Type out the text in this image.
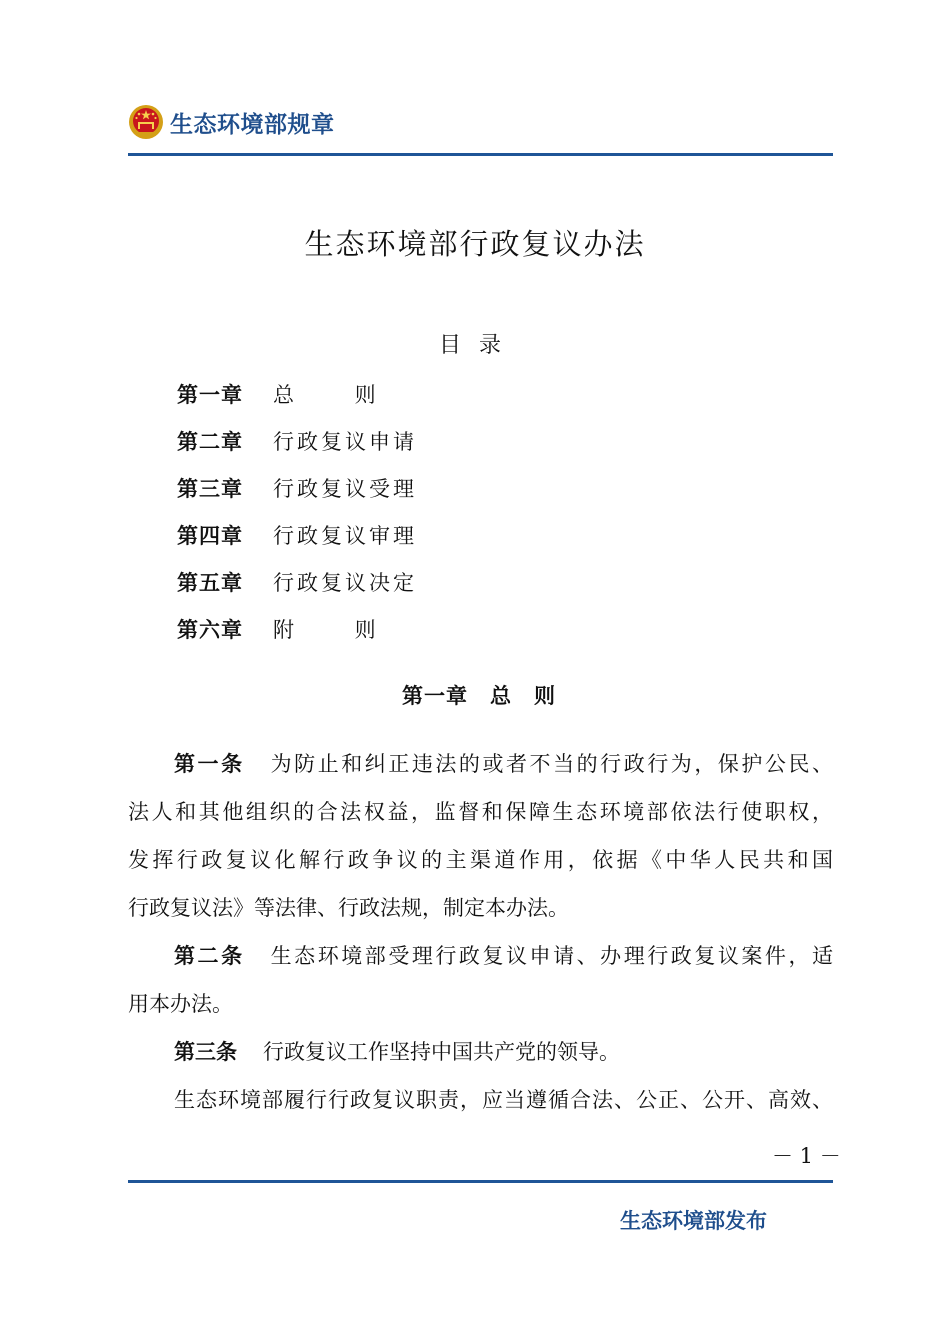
生态环境部规章
生态环境部行政复议办法
目录
第一章	总　　 则
第二章	行政复议申请
第三章	行政复议受理
第四章	行政复议审理
第五章	行政复议决定
第六章	附　　 则
第一章　总　则
第一条 为防止和纠正违法的或者不当的行政行为，保护公民、
法人和其他组织的合法权益，监督和保障生态环境部依法行使职权，
发挥行政复议化解行政争议的主渠道作用，依据《中华人民共和国
行政复议法》等法律、行政法规，制定本办法。
第二条 生态环境部受理行政复议申请、办理行政复议案件，适
用本办法。
第三条 行政复议工作坚持中国共产党的领导。
生态环境部履行行政复议职责，应当遵循合法、公正、公开、高效、
－ 1 －
生态环境部发布
